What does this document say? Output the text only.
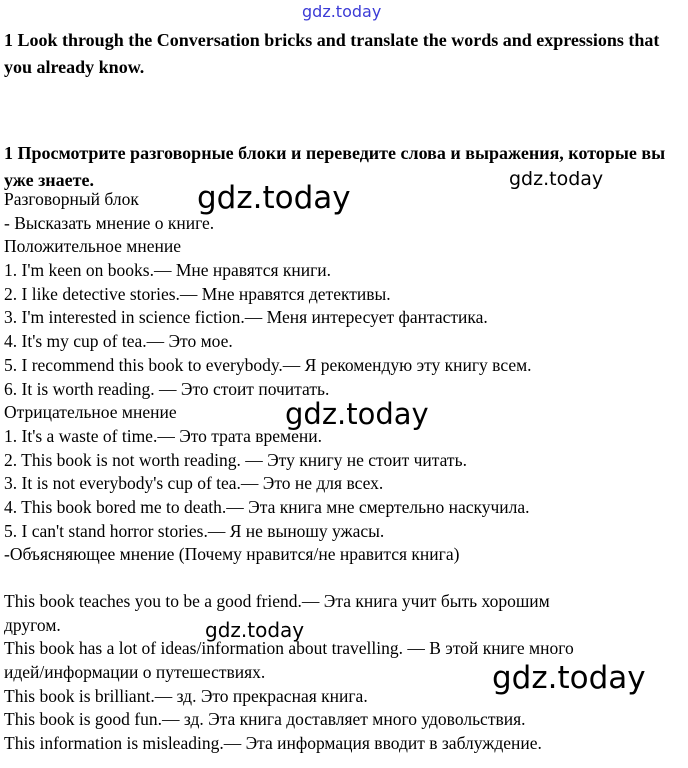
gdz.today
1 Look through the Conversation bricks and translate the words and expressions that you already know.
1 Просмотрите разговорные блоки и переведите слова и выражения, которые вы уже знаете.
Разговорный блок
- Высказать мнение о книге.
Положительное мнение
1. I'm keen on books.— Мне нравятся книги.
2. I like detective stories.— Мне нравятся детективы.
3. I'm interested in science fiction.— Меня интересует фантастика.
4. It's my cup of tea.— Это мое.
5. I recommend this book to everybody.— Я рекомендую эту книгу всем.
6. It is worth reading. — Это стоит почитать.
Отрицательное мнение
1. It's a waste of time.— Это трата времени.
2. This book is not worth reading. — Эту книгу не стоит читать.
3. It is not everybody's cup of tea.— Это не для всех.
4. This book bored me to death.— Эта книга мне смертельно наскучила.
5. I can't stand horror stories.— Я не выношу ужасы.
-Объясняющее мнение (Почему нравится/не нравится книга)
This book teaches you to be a good friend.— Эта книга учит быть хорошим
другом.
This book has a lot of ideas/information about travelling. — В этой книге много
идей/информации о путешествиях.
This book is brilliant.— зд. Это прекрасная книга.
This book is good fun.— зд. Эта книга доставляет много удовольствия.
This information is misleading.— Эта информация вводит в заблуждение.
gdz.today
gdz.today
gdz.today
gdz.today
gdz.today
